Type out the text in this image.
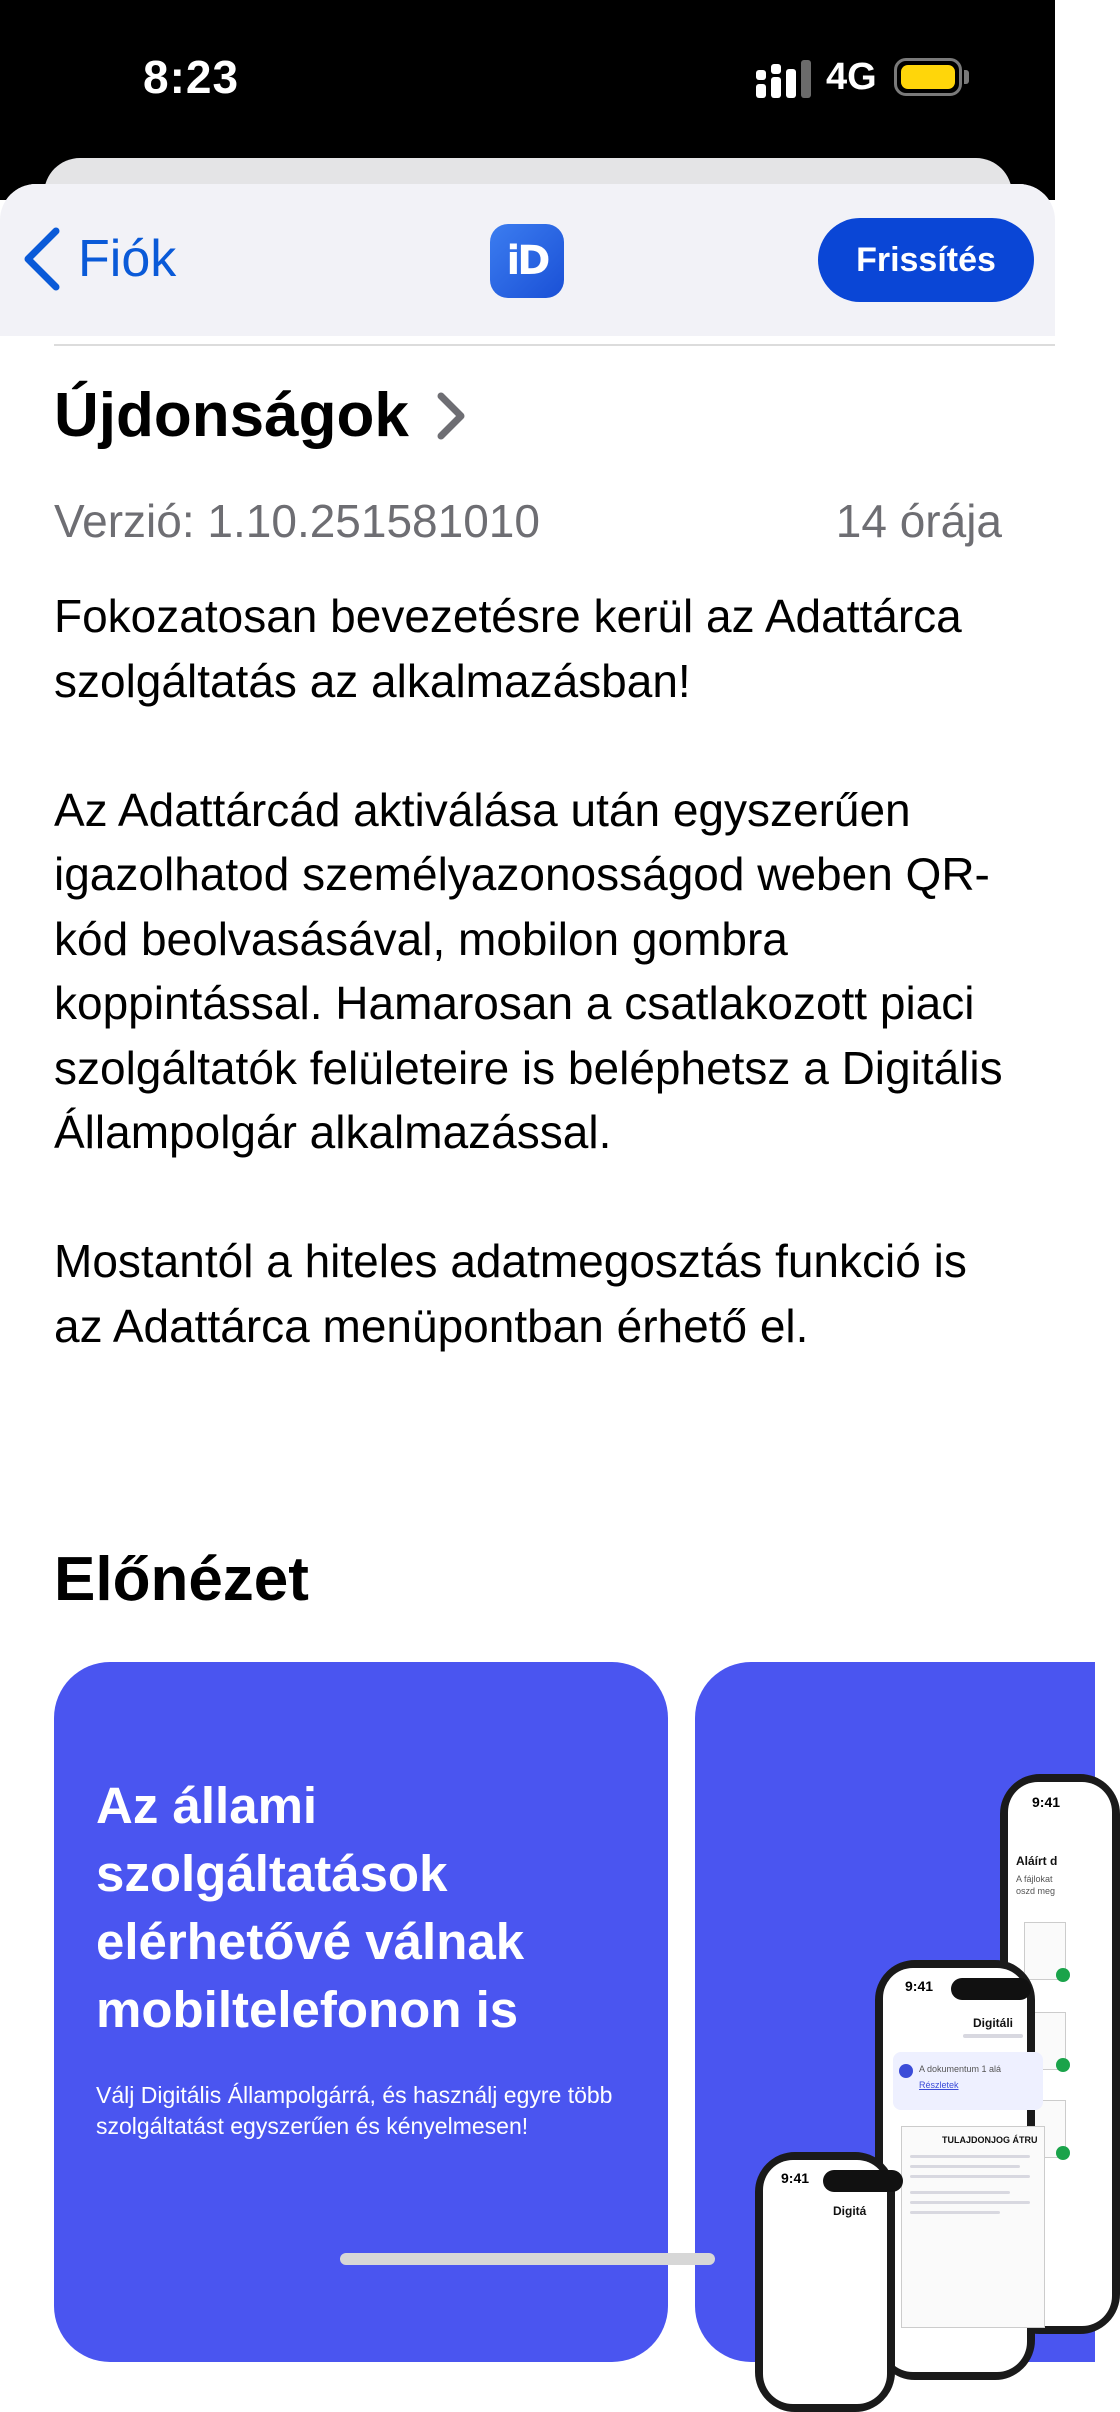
8:23	4G
Fiók	iD	Frissítés
Újdonságok
Verzió: 1.10.251581010	14 órája

Fokozatosan bevezetésre kerül az Adattárca szolgáltatás az alkalmazásban!

Az Adattárcád aktiválása után egyszerűen igazolhatod személyazonosságod weben QR-kód beolvasásával, mobilon gombra koppintással. Hamarosan a csatlakozott piaci szolgáltatók felületeire is beléphetsz a Digitális Állampolgár alkalmazással.

Mostantól a hiteles adatmegosztás funkció is az Adattárca menüpontban érhető el.

Előnézet
Az állami szolgáltatások elérhetővé válnak mobiltelefonon is
Válj Digitális Állampolgárrá, és használj egyre több szolgáltatást egyszerűen és kényelmesen!
9:41
Aláírt d
A fájlokat
oszd meg
9:41
Digitáli
A dokumentum 1 alá
Részletek
TULAJDONJOG ÁTRU
9:41
Digitá
